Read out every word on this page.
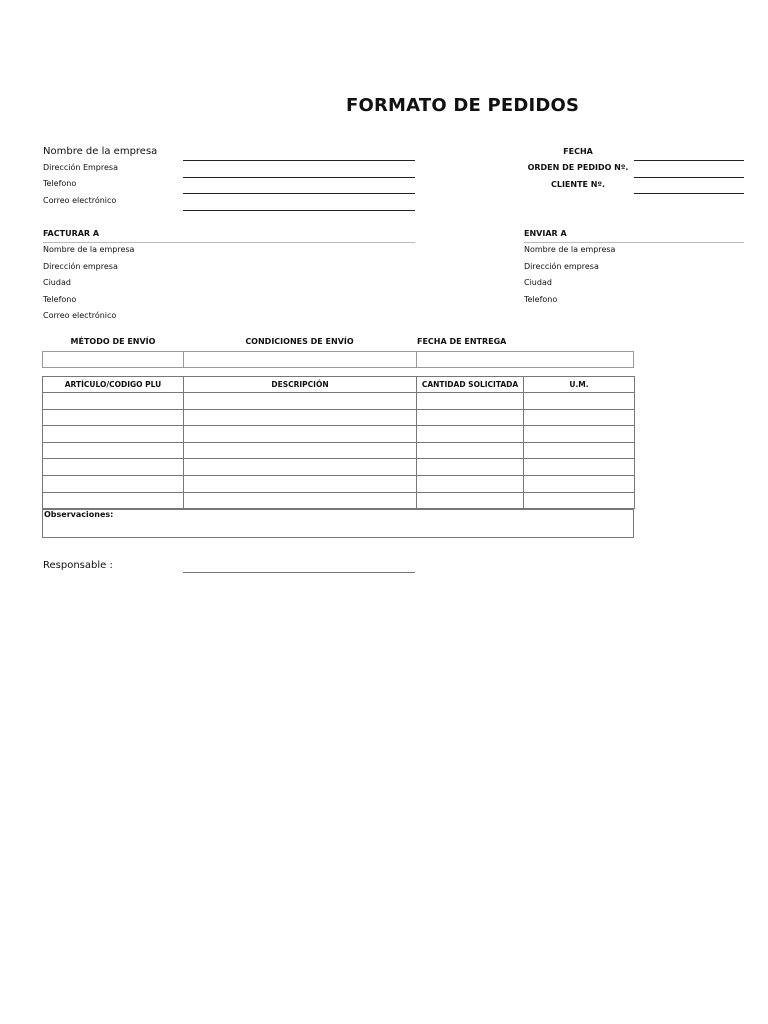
FORMATO DE PEDIDOS
Nombre de la empresa
Dirección Empresa
Telefono
Correo electrónico
FECHA
ORDEN DE PEDIDO Nº.
CLIENTE Nº.
FACTURAR A
Nombre de la empresa
Dirección empresa
Ciudad
Telefono
Correo electrónico
ENVIAR A
Nombre de la empresa
Dirección empresa
Ciudad
Telefono
MÉTODO DE ENVÍO	CONDICIONES DE ENVÍO	FECHA DE ENTREGA
ARTÍCULO/CODIGO PLU	DESCRIPCIÓN	CANTIDAD SOLICITADA	U.M.
Observaciones:
Responsable :
